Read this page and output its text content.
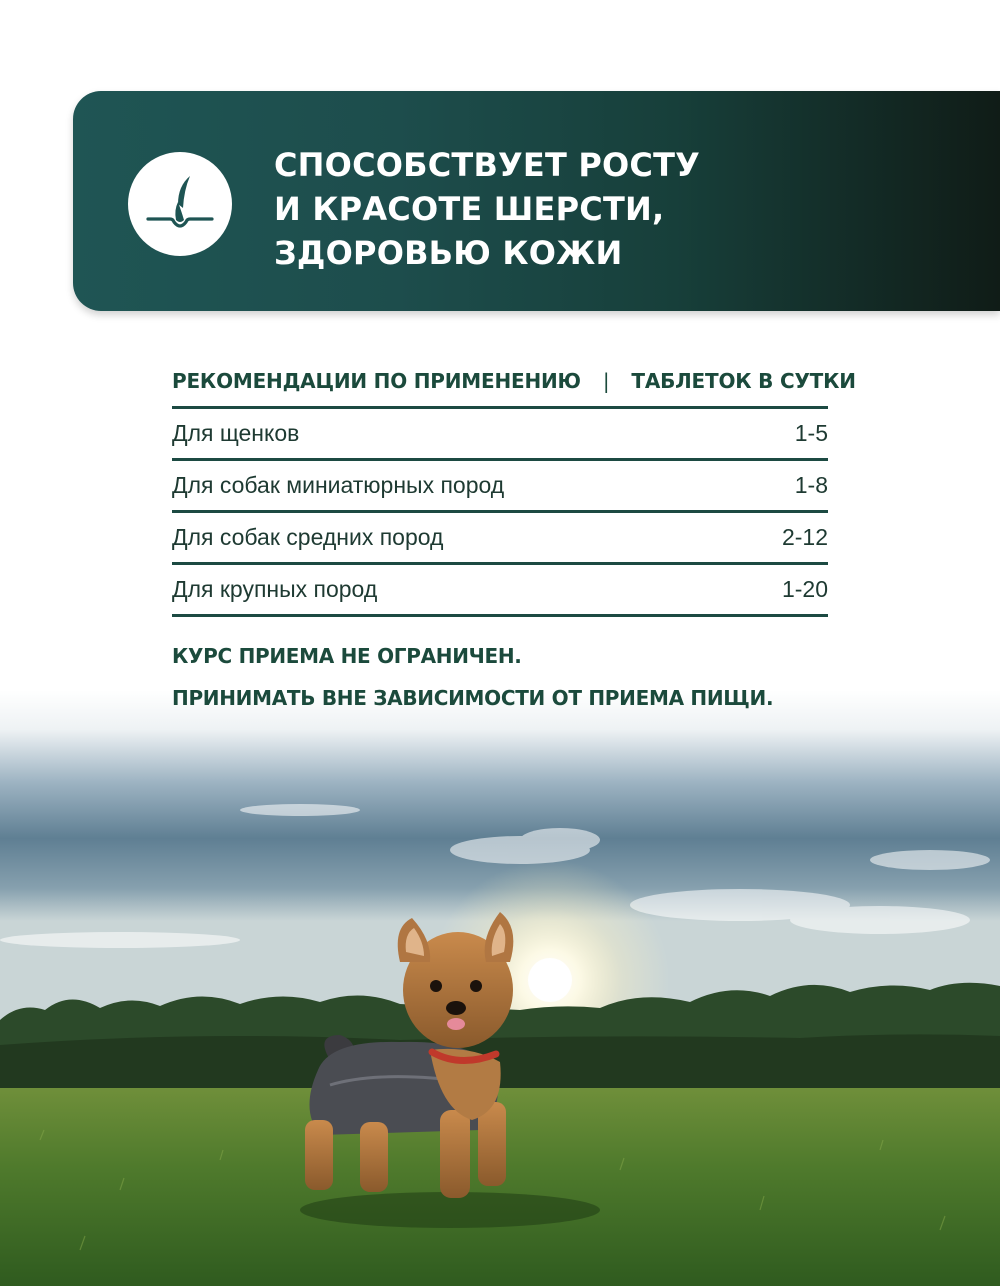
СПОСОБСТВУЕТ РОСТУ
И КРАСОТЕ ШЕРСТИ,
ЗДОРОВЬЮ КОЖИ
РЕКОМЕНДАЦИИ ПО ПРИМЕНЕНИЮ | ТАБЛЕТОК В СУТКИ
Для щенков	1-5
Для собак миниатюрных пород	1-8
Для собак средних пород	2-12
Для крупных пород	1-20
КУРС ПРИЕМА НЕ ОГРАНИЧЕН.
ПРИНИМАТЬ ВНЕ ЗАВИСИМОСТИ ОТ ПРИЕМА ПИЩИ.
